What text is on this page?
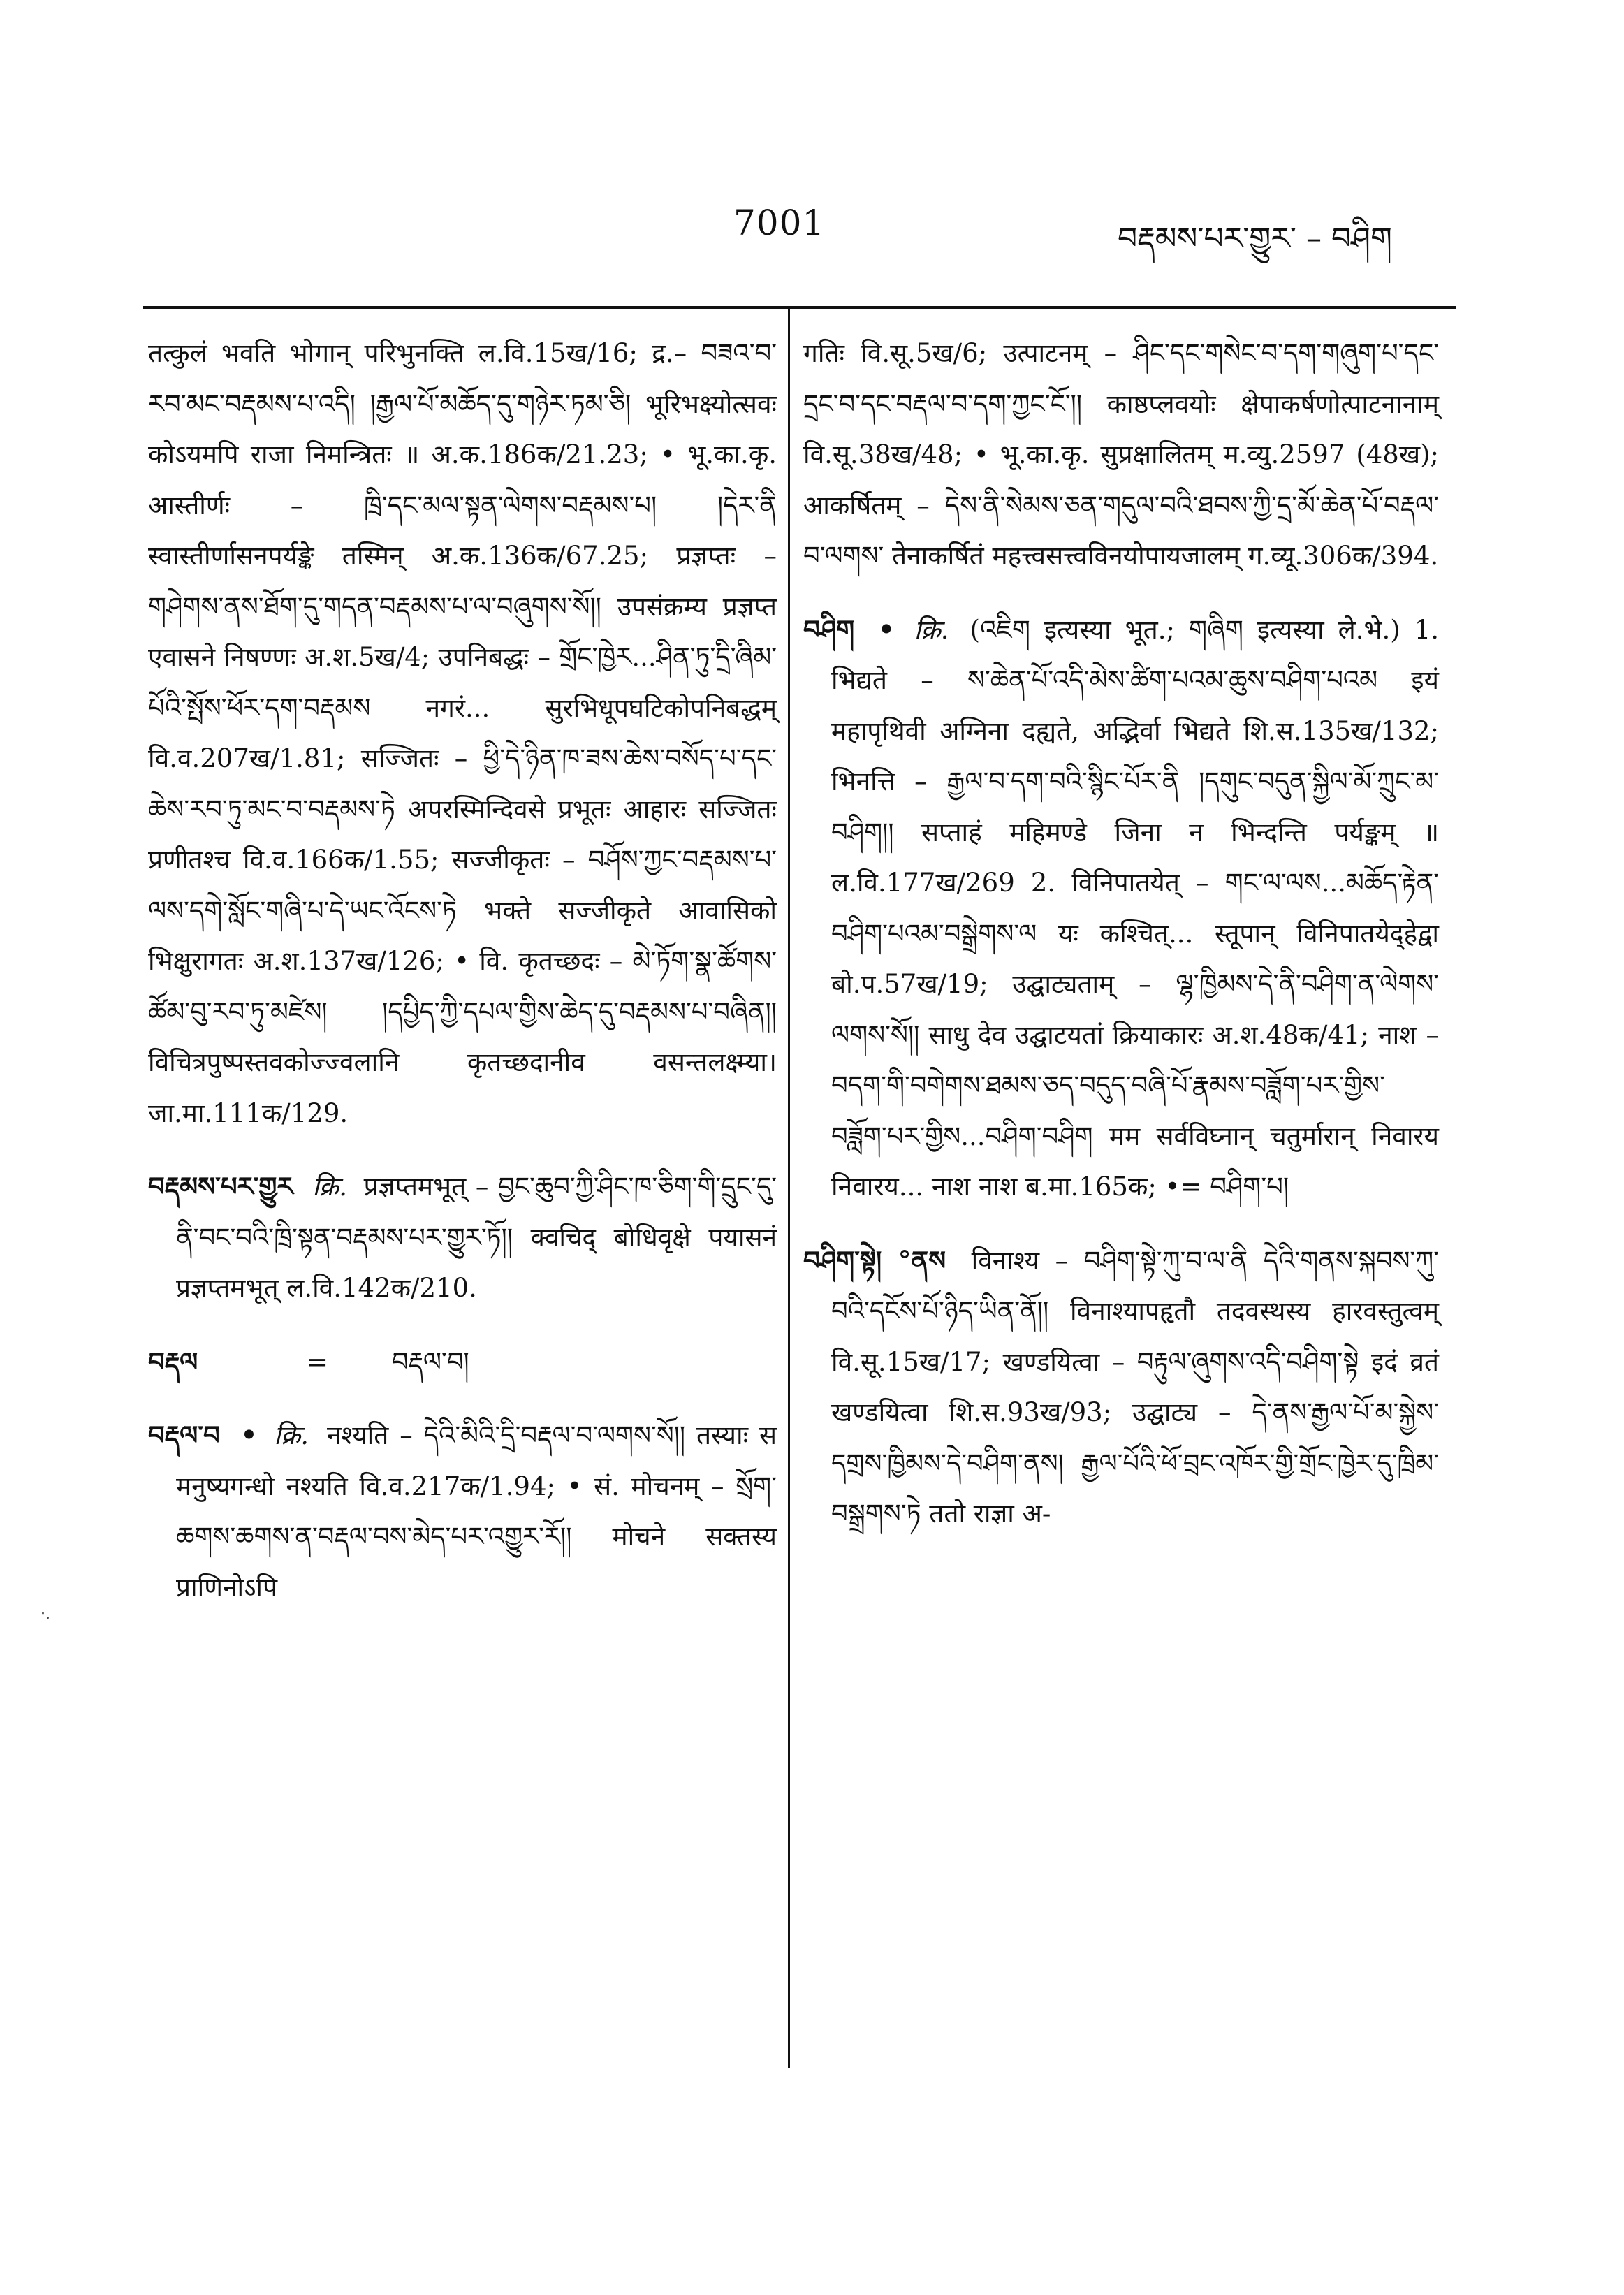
7001	བརྡམས་པར་གྱུར་ – བཤིག
·.

तत्कुलं भवति भोगान् परिभुनक्ति ल.वि.15ख/16; द्र.– བཟའ་བ་རབ་མང་བརྡམས་པ་འདི། །རྒྱལ་པོ་མཆོད་དུ་གཉེར་ཏམ་ཅི། भूरिभक्ष्योत्सवः कोऽयमपि राजा निमन्त्रितः ॥ अ.क.186क/21.23; • भू.का.कृ. आस्तीर्णः – ཁྲི་དང་མལ་སྟན་ལེགས་བརྡམས་པ། །དེར་ནི स्वास्तीर्णासनपर्यङ्के तस्मिन् अ.क.136क/67.25; प्रज्ञप्तः – གཤེགས་ནས་ཐོག་དུ་གདན་བརྡམས་པ་ལ་བཞུགས་སོ།། उपसंक्रम्य प्रज्ञप्त एवासने निषण्णः अ.श.5ख/4; उपनिबद्धः – གྲོང་ཁྱེར...ཤིན་ཏུ་དྲི་ཞིམ་པོའི་སྤོས་ཕོར་དག་བརྡམས नगरं... सुरभिधूपघटिकोपनिबद्धम् वि.व.207ख/1.81; सज्जितः – ཕྱི་དེ་ཉིན་ཁ་ཟས་ཆེས་བསོད་པ་དང་ཆེས་རབ་ཏུ་མང་བ་བརྡམས་ཏེ अपरस्मिन्दिवसे प्रभूतः आहारः सज्जितः प्रणीतश्च वि.व.166क/1.55; सज्जीकृतः – བཤོས་ཀྱང་བརྡམས་པ་ལས་དགེ་སློང་གཞི་པ་དེ་ཡང་འོངས་ཏེ भक्ते सज्जीकृते आवासिको भिक्षुरागतः अ.श.137ख/126; • वि. कृतच्छदः – མེ་ཏོག་སྣ་ཚོགས་ཚོམ་བུ་རབ་ཏུ་མཛེས། །དཔྱིད་ཀྱི་དཔལ་གྱིས་ཆེད་དུ་བརྡམས་པ་བཞིན།། विचित्रपुष्पस्तवकोज्ज्वलानि कृतच्छदानीव वसन्तलक्ष्म्या। जा.मा.111क/129.

བརྡམས་པར་གྱུར क्रि. प्रज्ञप्तमभूत् – བྱང་ཆུབ་ཀྱི་ཤིང་ཁ་ཅིག་གི་དྲུང་དུ་ནི་བང་བའི་ཁྲི་སྟན་བརྡམས་པར་གྱུར་ཏོ།། क्वचिद् बोधिवृक्षे पयासनं प्रज्ञप्तमभूत् ल.वि.142क/210.

བརྡལ	= བརྡལ་བ།

བརྡལ་བ • क्रि. नश्यति – དེའི་མིའི་དྲི་བརྡལ་བ་ལགས་སོ།། तस्याः स मनुष्यगन्धो नश्यति वि.व.217क/1.94; • सं. मोचनम् – སྲོག་ཆགས་ཆགས་ན་བརྡལ་བས་མེད་པར་འགྱུར་རོ།། मोचने सक्तस्य प्राणिनोऽपि

गतिः वि.सू.5ख/6; उत्पाटनम् – ཤིང་དང་གསེང་བ་དག་གཞུག་པ་དང་དྲང་བ་དང་བརྡལ་བ་དག་ཀྱང་ངོ་།། काष्ठप्लवयोः क्षेपाकर्षणोत्पाटनानाम् वि.सू.38ख/48; • भू.का.कृ. सुप्रक्षालितम् म.व्यु.2597 (48ख); आकर्षितम् – དེས་ནི་སེམས་ཅན་གདུལ་བའི་ཐབས་ཀྱི་དྲ་མོ་ཆེན་པོ་བརྡལ་བ་ལགས་ तेनाकर्षितं महत्त्वसत्त्वविनयोपायजालम् ग.व्यू.306क/394.

བཤིག • क्रि. (འཇིག इत्यस्या भूत.; གཞིག इत्यस्या ले.भे.) 1. भिद्यते – ས་ཆེན་པོ་འདི་མེས་ཚིག་པའམ་ཆུས་བཤིག་པའམ इयं महापृथिवी अग्निना दह्यते, अद्भिर्वा भिद्यते शि.स.135ख/132; भिनत्ति – རྒྱལ་བ་དག་བའི་སྙིང་པོར་ནི །དགུང་བདུན་སྐྱིལ་མོ་ཀྲུང་མ་བཤིག།། सप्ताहं महिमण्डे जिना न भिन्दन्ति पर्यङ्कम् ॥ ल.वि.177ख/269 2. विनिपातयेत् – གང་ལ་ལས...མཆོད་རྟེན་བཤིག་པའམ་བསྒྲེགས་ལ यः कश्चित्... स्तूपान् विनिपातयेद्हेद्वा बो.प.57ख/19; उद्घाट्यताम् – ལྷ་ཁྱིམས་དེ་ནི་བཤིག་ན་ལེགས་ལགས་སོ།། साधु देव उद्घाटयतां क्रियाकारः अ.श.48क/41; नाश – བདག་གི་བགེགས་ཐམས་ཅད་བདུད་བཞི་པོ་རྣམས་བཟློག་པར་གྱིས་བཟློག་པར་གྱིས...བཤིག་བཤིག मम सर्वविघ्नान् चतुर्मारान् निवारय निवारय... नाश नाश ब.मा.165क; •= བཤིག་པ།

བཤིག་སྟེ། °ནས विनाश्य – བཤིག་སྟེ་ཀུ་བ་ལ་ནི དེའི་གནས་སྐབས་ཀུ་བའི་དངོས་པོ་ཉིད་ཡིན་ནོ།། विनाश्यापहृतौ तदवस्थस्य हारवस्तुत्वम् वि.सू.15ख/17; खण्डयित्वा – བརྟུལ་ཞུགས་འདི་བཤིག་སྟེ इदं व्रतं खण्डयित्वा शि.स.93ख/93; उद्घाट्य – དེ་ནས་རྒྱལ་པོ་མ་སྐྱེས་དགྲས་ཁྱིམས་དེ་བཤིག་ནས། རྒྱལ་པོའི་ཕོ་བྲང་འཁོར་གྱི་གྲོང་ཁྱེར་དུ་ཁྲིམ་བསྒྲགས་ཏེ ततो राज्ञा अ-
